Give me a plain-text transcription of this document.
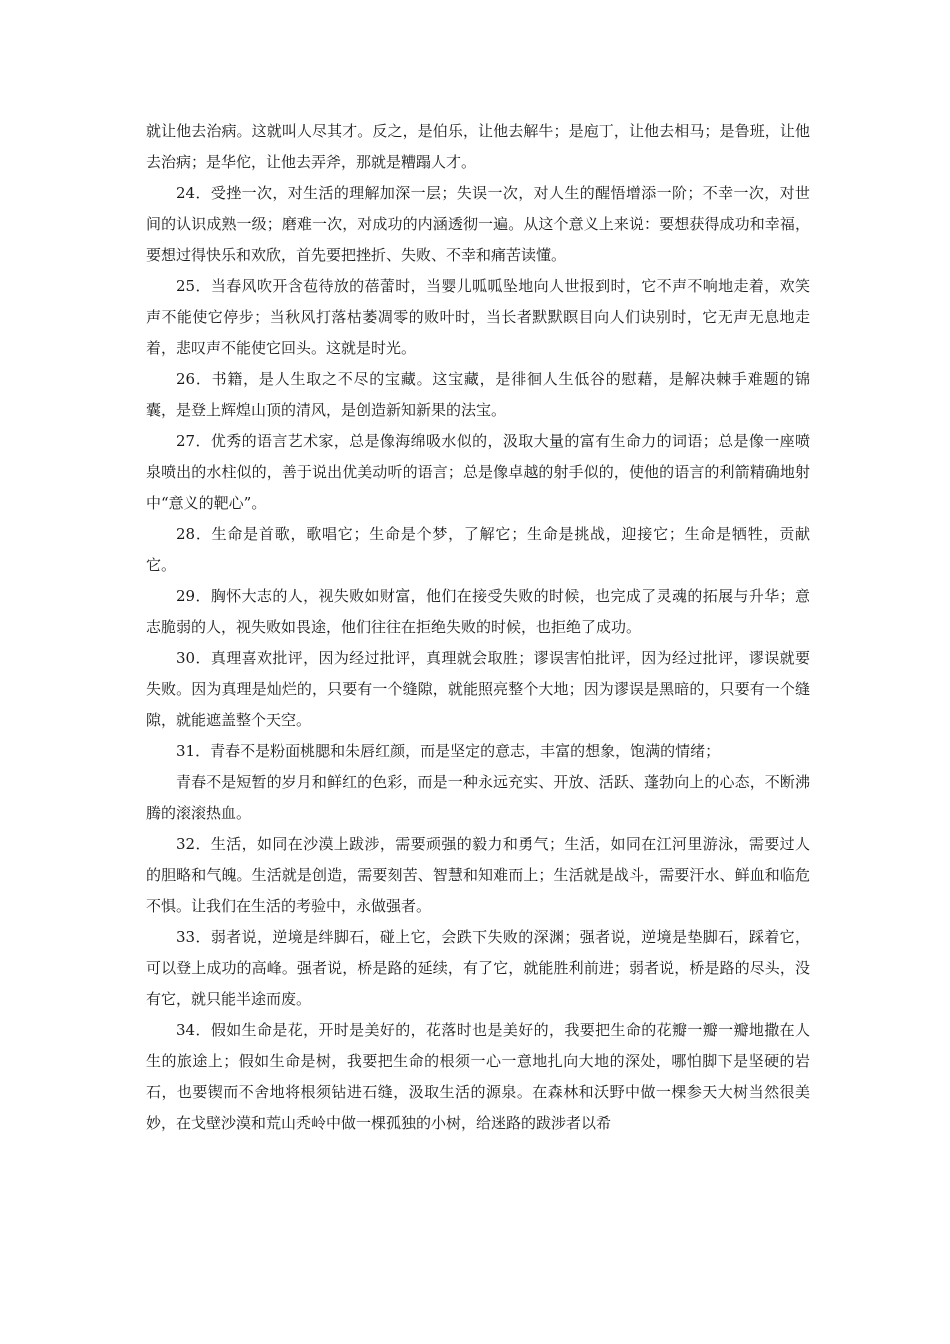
就让他去治病。这就叫人尽其才。反之，是伯乐，让他去解牛；是庖丁，让他去相马；是鲁班，让他去治病；是华佗，让他去弄斧，那就是糟蹋人才。

24．受挫一次，对生活的理解加深一层；失误一次，对人生的醒悟增添一阶；不幸一次，对世间的认识成熟一级；磨难一次，对成功的内涵透彻一遍。从这个意义上来说：要想获得成功和幸福，要想过得快乐和欢欣，首先要把挫折、失败、不幸和痛苦读懂。

25．当春风吹开含苞待放的蓓蕾时，当婴儿呱呱坠地向人世报到时，它不声不响地走着，欢笑声不能使它停步；当秋风打落枯萎凋零的败叶时，当长者默默瞑目向人们诀别时，它无声无息地走着，悲叹声不能使它回头。这就是时光。

26．书籍，是人生取之不尽的宝藏。这宝藏，是徘徊人生低谷的慰藉，是解决棘手难题的锦囊，是登上辉煌山顶的清风，是创造新知新果的法宝。

27．优秀的语言艺术家，总是像海绵吸水似的，汲取大量的富有生命力的词语；总是像一座喷泉喷出的水柱似的，善于说出优美动听的语言；总是像卓越的射手似的，使他的语言的利箭精确地射中“意义的靶心”。

28．生命是首歌，歌唱它；生命是个梦，了解它；生命是挑战，迎接它；生命是牺牲，贡献它。

29．胸怀大志的人，视失败如财富，他们在接受失败的时候，也完成了灵魂的拓展与升华；意志脆弱的人，视失败如畏途，他们往往在拒绝失败的时候，也拒绝了成功。

30．真理喜欢批评，因为经过批评，真理就会取胜；谬误害怕批评，因为经过批评，谬误就要失败。因为真理是灿烂的，只要有一个缝隙，就能照亮整个大地；因为谬误是黑暗的，只要有一个缝隙，就能遮盖整个天空。

31．青春不是粉面桃腮和朱唇红颜，而是坚定的意志，丰富的想象，饱满的情绪；

青春不是短暂的岁月和鲜红的色彩，而是一种永远充实、开放、活跃、蓬勃向上的心态，不断沸腾的滚滚热血。

32．生活，如同在沙漠上跋涉，需要顽强的毅力和勇气；生活，如同在江河里游泳，需要过人的胆略和气魄。生活就是创造，需要刻苦、智慧和知难而上；生活就是战斗，需要汗水、鲜血和临危不惧。让我们在生活的考验中，永做强者。

33．弱者说，逆境是绊脚石，碰上它，会跌下失败的深渊；强者说，逆境是垫脚石，踩着它，可以登上成功的高峰。强者说，桥是路的延续，有了它，就能胜利前进；弱者说，桥是路的尽头，没有它，就只能半途而废。

34．假如生命是花，开时是美好的，花落时也是美好的，我要把生命的花瓣一瓣一瓣地撒在人生的旅途上；假如生命是树，我要把生命的根须一心一意地扎向大地的深处，哪怕脚下是坚硬的岩石，也要锲而不舍地将根须钻进石缝，汲取生活的源泉。在森林和沃野中做一棵参天大树当然很美妙，在戈壁沙漠和荒山秃岭中做一棵孤独的小树，给迷路的跋涉者以希
